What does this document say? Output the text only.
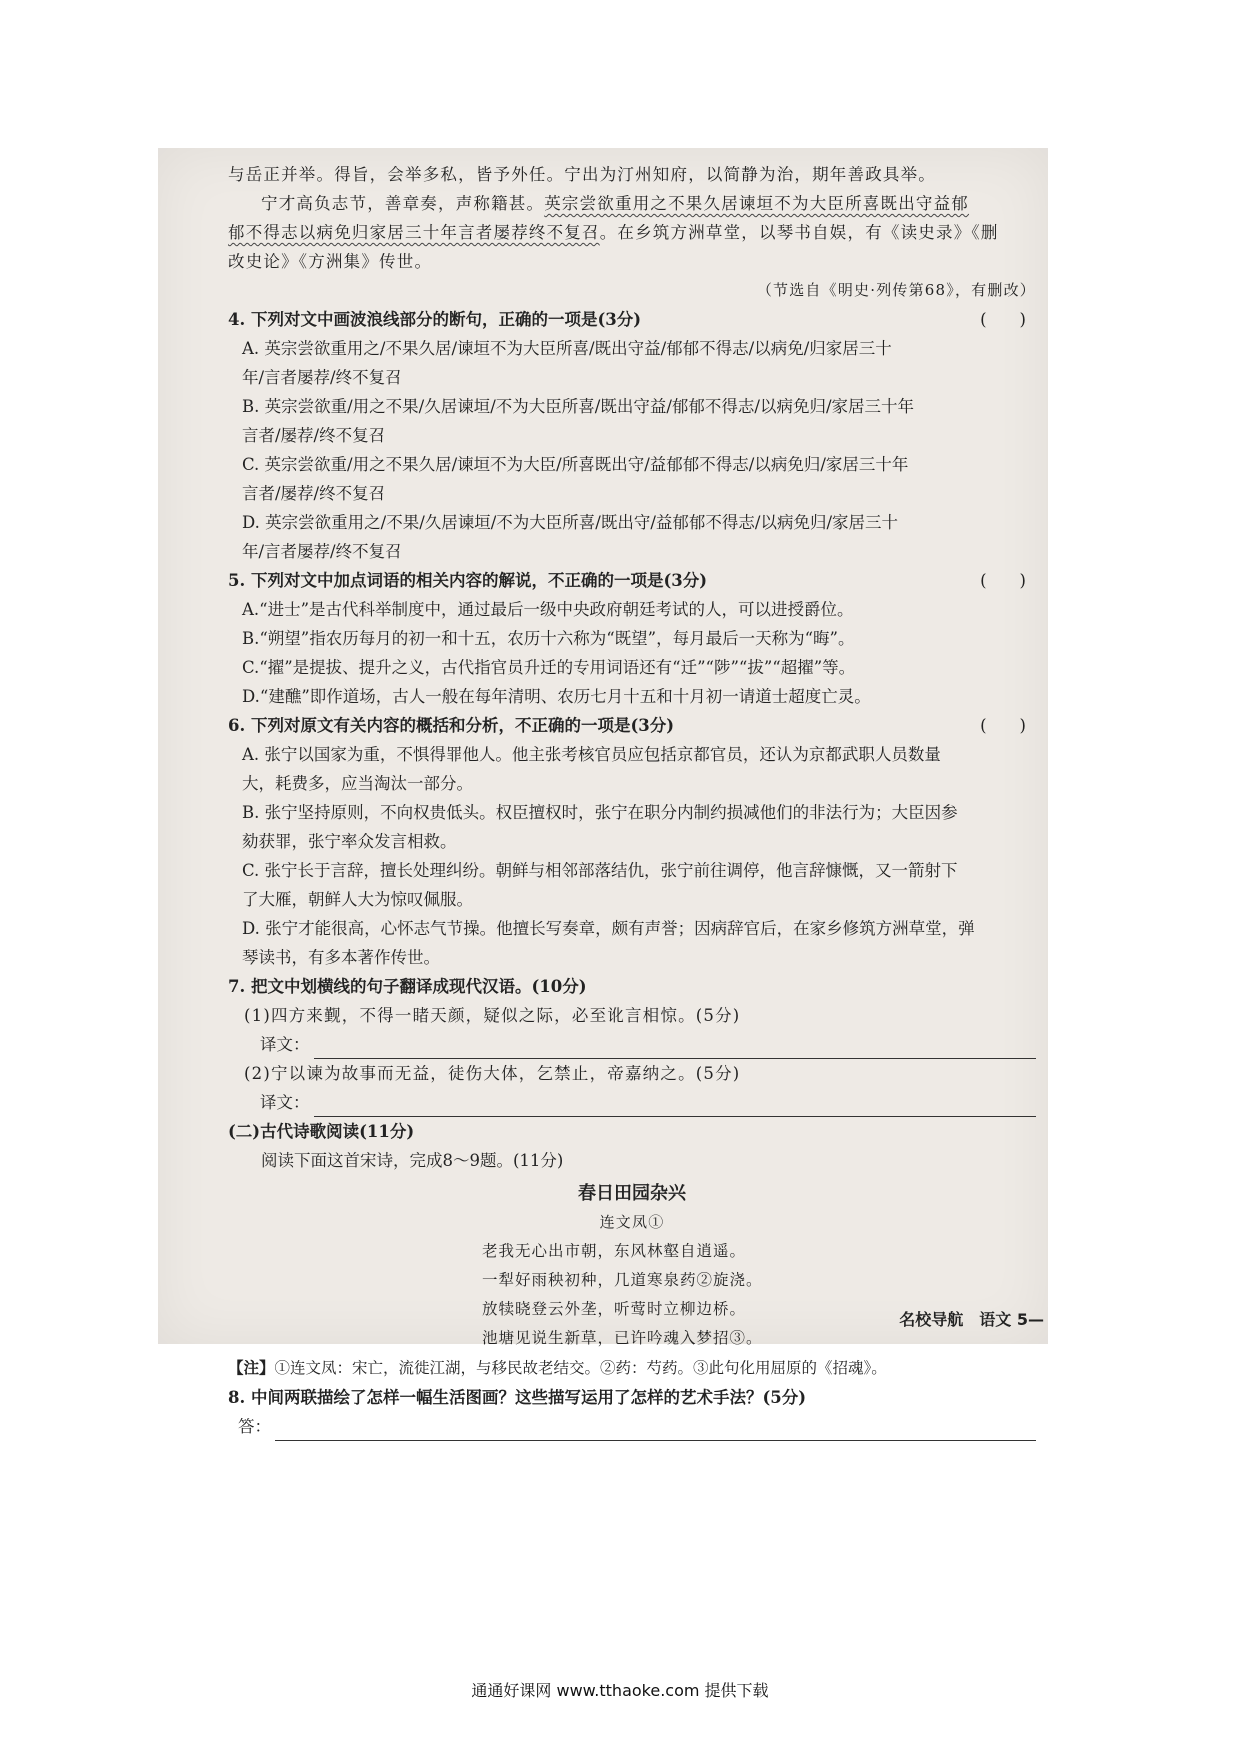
与岳正并举。得旨，会举多私，皆予外任。宁出为汀州知府，以简静为治，期年善政具举。

宁才高负志节，善章奏，声称籍甚。英宗尝欲重用之不果久居谏垣不为大臣所喜既出守益郁

郁不得志以病免归家居三十年言者屡荐终不复召。在乡筑方洲草堂，以琴书自娱，有《读史录》《删

改史论》《方洲集》传世。

（节选自《明史·列传第68》，有删改）

4. 下列对文中画波浪线部分的断句，正确的一项是(3分)	(　　)

A. 英宗尝欲重用之/不果久居/谏垣不为大臣所喜/既出守益/郁郁不得志/以病免/归家居三十

年/言者屡荐/终不复召

B. 英宗尝欲重/用之不果/久居谏垣/不为大臣所喜/既出守益/郁郁不得志/以病免归/家居三十年

言者/屡荐/终不复召

C. 英宗尝欲重/用之不果久居/谏垣不为大臣/所喜既出守/益郁郁不得志/以病免归/家居三十年

言者/屡荐/终不复召

D. 英宗尝欲重用之/不果/久居谏垣/不为大臣所喜/既出守/益郁郁不得志/以病免归/家居三十

年/言者屡荐/终不复召

5. 下列对文中加点词语的相关内容的解说，不正确的一项是(3分)	(　　)

A.“进士”是古代科举制度中，通过最后一级中央政府朝廷考试的人，可以进授爵位。

B.“朔望”指农历每月的初一和十五，农历十六称为“既望”，每月最后一天称为“晦”。

C.“擢”是提拔、提升之义，古代指官员升迁的专用词语还有“迁”“陟”“拔”“超擢”等。

D.“建醮”即作道场，古人一般在每年清明、农历七月十五和十月初一请道士超度亡灵。

6. 下列对原文有关内容的概括和分析，不正确的一项是(3分)	(　　)

A. 张宁以国家为重，不惧得罪他人。他主张考核官员应包括京都官员，还认为京都武职人员数量

大，耗费多，应当淘汰一部分。

B. 张宁坚持原则，不向权贵低头。权臣擅权时，张宁在职分内制约损减他们的非法行为；大臣因参

劾获罪，张宁率众发言相救。

C. 张宁长于言辞，擅长处理纠纷。朝鲜与相邻部落结仇，张宁前往调停，他言辞慷慨，又一箭射下

了大雁，朝鲜人大为惊叹佩服。

D. 张宁才能很高，心怀志气节操。他擅长写奏章，颇有声誉；因病辞官后，在家乡修筑方洲草堂，弹

琴读书，有多本著作传世。

7. 把文中划横线的句子翻译成现代汉语。(10分)

(1)四方来觐，不得一睹天颜，疑似之际，必至讹言相惊。(5分)

译文：

(2)宁以谏为故事而无益，徒伤大体，乞禁止，帝嘉纳之。(5分)

译文：

(二)古代诗歌阅读(11分)

阅读下面这首宋诗，完成8～9题。(11分)

春日田园杂兴

连文凤①

老我无心出市朝，东风林壑自逍遥。

一犁好雨秧初种，几道寒泉药②旋浇。

放犊晓登云外垄，听莺时立柳边桥。

池塘见说生新草，已许吟魂入梦招③。

【注】①连文凤：宋亡，流徙江湖，与移民故老结交。②药：芍药。③此句化用屈原的《招魂》。

8. 中间两联描绘了怎样一幅生活图画？这些描写运用了怎样的艺术手法？(5分)

答：
名校导航　语文 5—
通通好课网 www.tthaoke.com 提供下载
